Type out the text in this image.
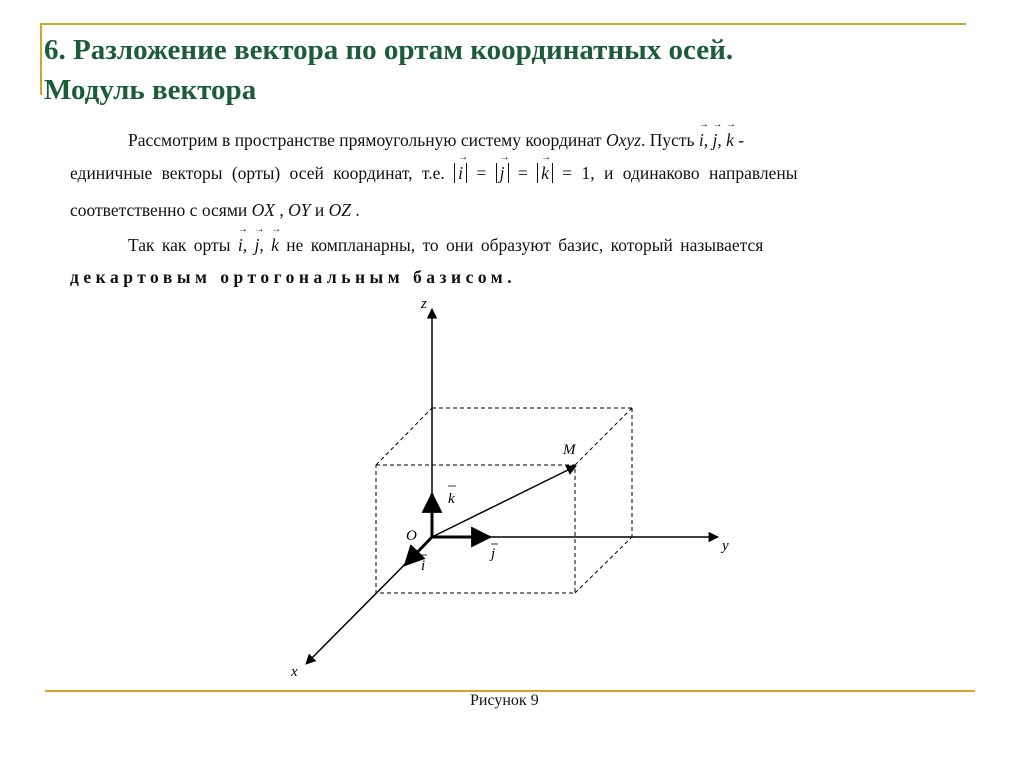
6. Разложение вектора по ортам координатных осей.
Модуль вектора
Рассмотрим в пространстве прямоугольную систему координат Oxyz. Пусть → i, → j, → k -
единичные векторы (орты) осей координат, т.е. → i = → j = → k = 1, и одинаково направлены
соответственно с осями OX , OY и OZ .
Так как орты → i, → j, → k не компланарны, то они образуют базис, который называется
декартовым ортогональным базисом.
z
y
x
O
M
k
j
i
Рисунок 9
